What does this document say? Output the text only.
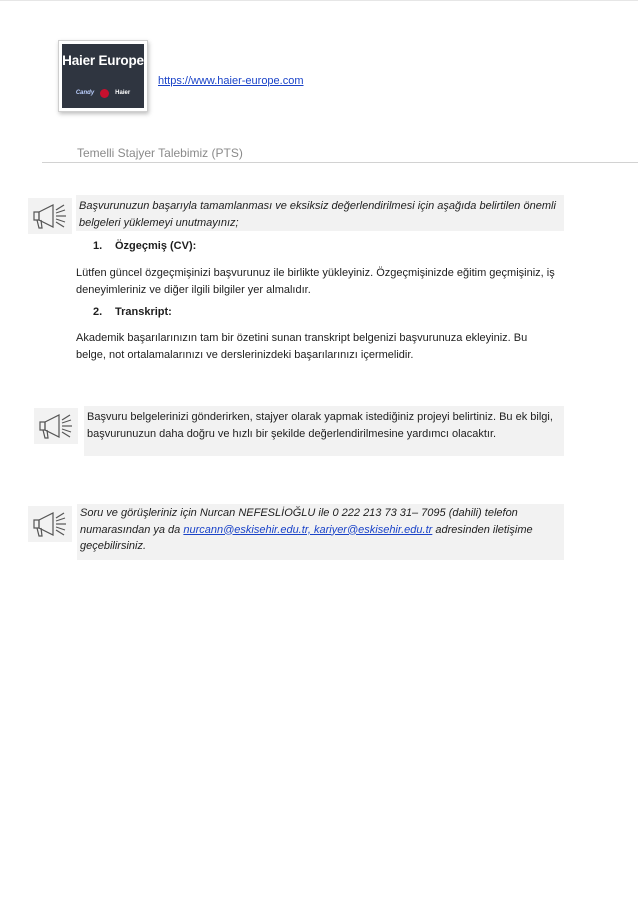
Haier Europe
Candy	Haier
https://www.haier-europe.com
Temelli Stajyer Talebimiz (PTS)
Başvurunuzun başarıyla tamamlanması ve eksiksiz değerlendirilmesi için aşağıda belirtilen önemli belgeleri yüklemeyi unutmayınız;
1. Özgeçmiş (CV):
Lütfen güncel özgeçmişinizi başvurunuz ile birlikte yükleyiniz. Özgeçmişinizde eğitim geçmişiniz, iş deneyimleriniz ve diğer ilgili bilgiler yer almalıdır.
2. Transkript:
Akademik başarılarınızın tam bir özetini sunan transkript belgenizi başvurunuza ekleyiniz. Bu belge, not ortalamalarınızı ve derslerinizdeki başarılarınızı içermelidir.
Başvuru belgelerinizi gönderirken, stajyer olarak yapmak istediğiniz projeyi belirtiniz. Bu ek bilgi, başvurunuzun daha doğru ve hızlı bir şekilde değerlendirilmesine yardımcı olacaktır.
Soru ve görüşleriniz için Nurcan NEFESLİOĞLU ile 0 222 213 73 31– 7095 (dahili) telefon numarasından ya da nurcann@eskisehir.edu.tr, kariyer@eskisehir.edu.tr adresinden iletişime geçebilirsiniz.
